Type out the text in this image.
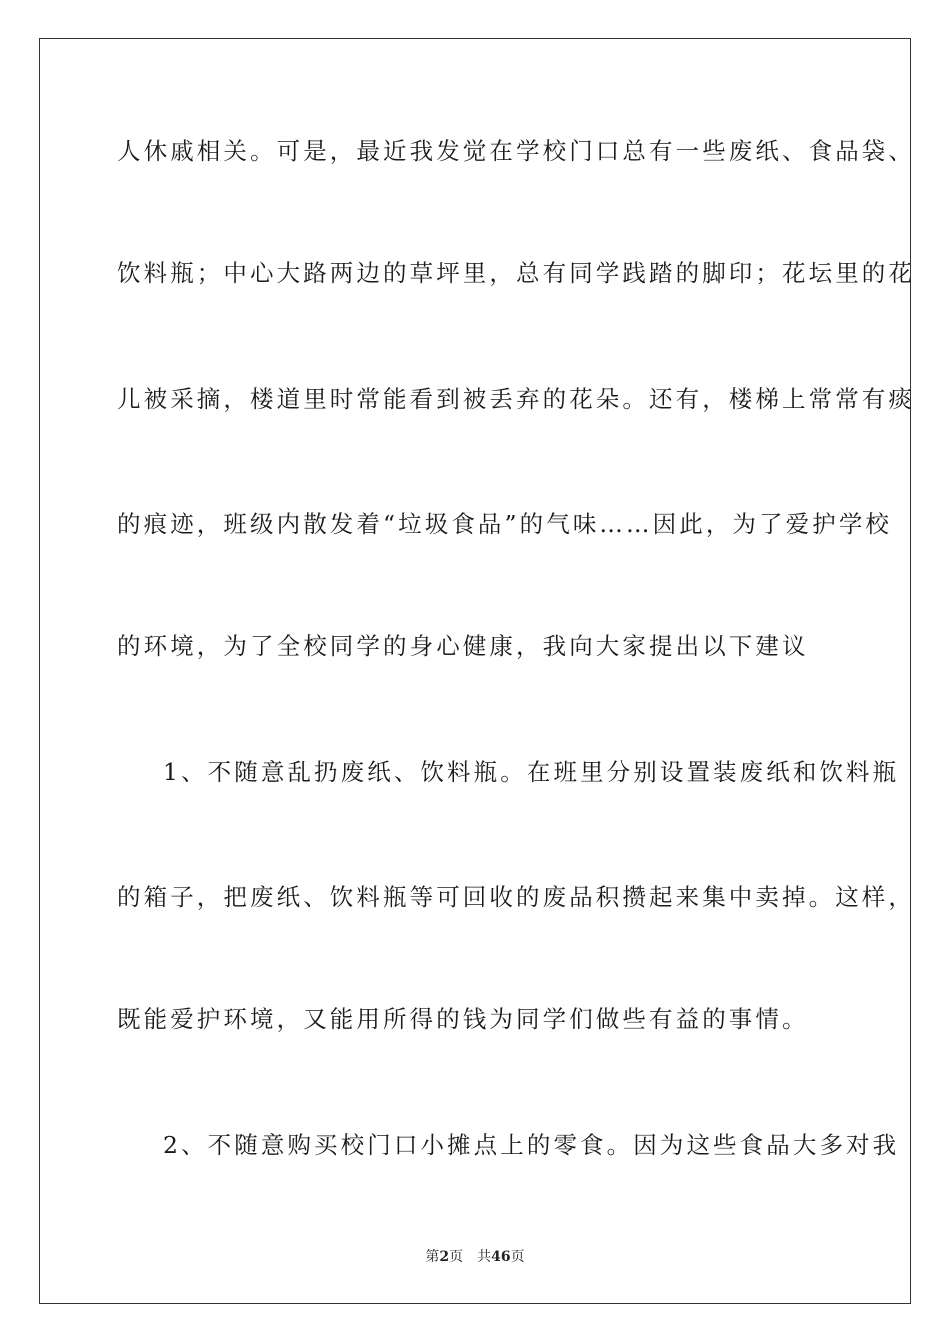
人休戚相关。可是，最近我发觉在学校门口总有一些废纸、食品袋、
饮料瓶；中心大路两边的草坪里，总有同学践踏的脚印；花坛里的花
儿被采摘，楼道里时常能看到被丢弃的花朵。还有，楼梯上常常有痰
的痕迹，班级内散发着“垃圾食品”的气味……因此，为了爱护学校
的环境，为了全校同学的身心健康，我向大家提出以下建议
1、不随意乱扔废纸、饮料瓶。在班里分别设置装废纸和饮料瓶
的箱子，把废纸、饮料瓶等可回收的废品积攒起来集中卖掉。这样，
既能爱护环境，又能用所得的钱为同学们做些有益的事情。
2、不随意购买校门口小摊点上的零食。因为这些食品大多对我
第2页 共46页
